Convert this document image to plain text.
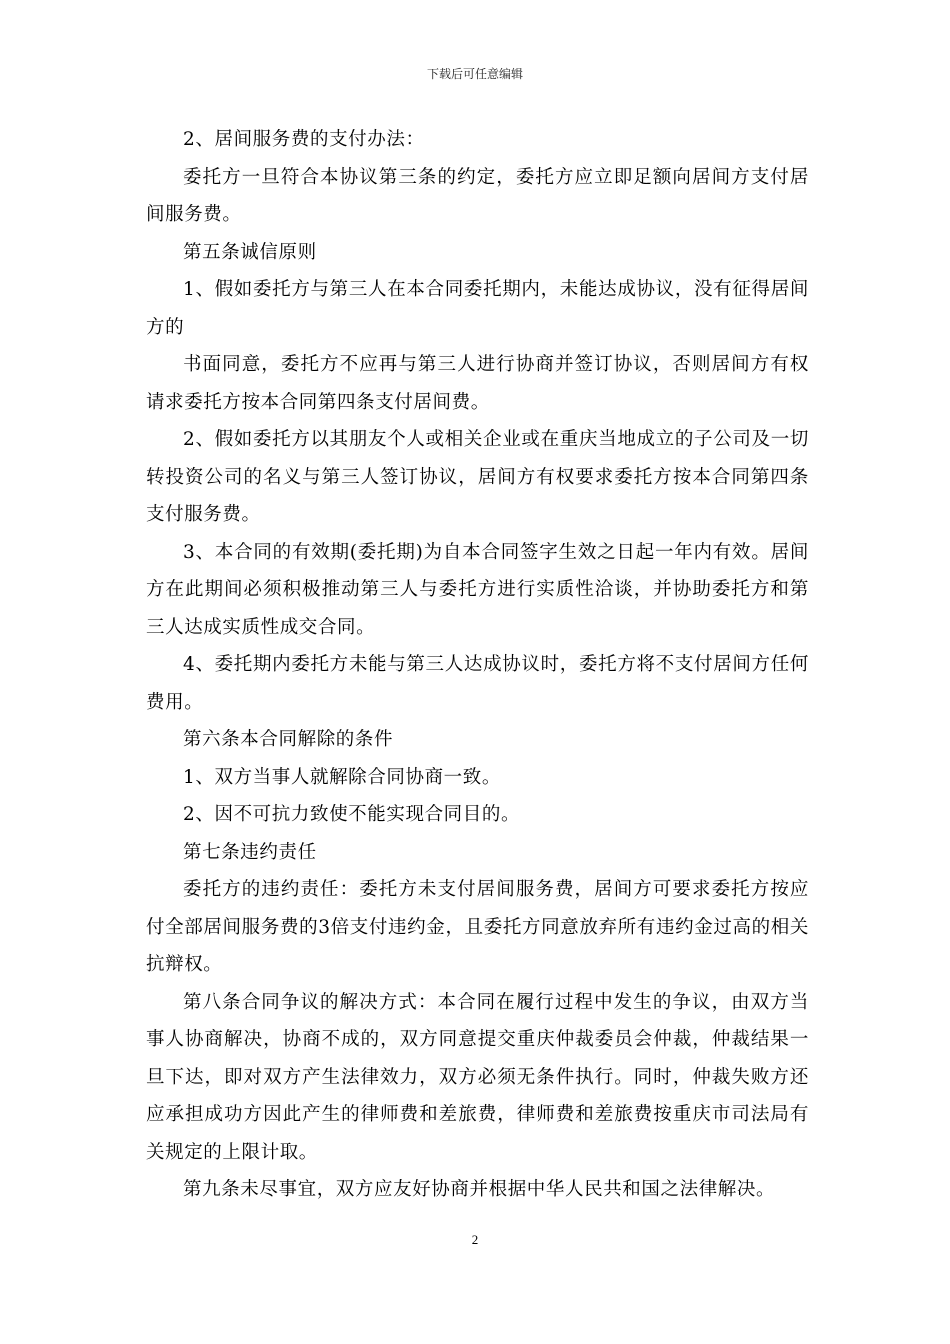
下载后可任意编辑

2、居间服务费的支付办法：

委托方一旦符合本协议第三条的约定，委托方应立即足额向居间方支付居间服务费。

第五条诚信原则

1、假如委托方与第三人在本合同委托期内，未能达成协议，没有征得居间方的

书面同意，委托方不应再与第三人进行协商并签订协议，否则居间方有权请求委托方按本合同第四条支付居间费。

2、假如委托方以其朋友个人或相关企业或在重庆当地成立的子公司及一切转投资公司的名义与第三人签订协议，居间方有权要求委托方按本合同第四条支付服务费。

3、本合同的有效期(委托期)为自本合同签字生效之日起一年内有效。居间方在此期间必须积极推动第三人与委托方进行实质性洽谈，并协助委托方和第三人达成实质性成交合同。

4、委托期内委托方未能与第三人达成协议时，委托方将不支付居间方任何费用。

第六条本合同解除的条件

1、双方当事人就解除合同协商一致。

2、因不可抗力致使不能实现合同目的。

第七条违约责任

委托方的违约责任：委托方未支付居间服务费，居间方可要求委托方按应付全部居间服务费的3倍支付违约金，且委托方同意放弃所有违约金过高的相关抗辩权。

第八条合同争议的解决方式：本合同在履行过程中发生的争议，由双方当事人协商解决，协商不成的，双方同意提交重庆仲裁委员会仲裁，仲裁结果一旦下达，即对双方产生法律效力，双方必须无条件执行。同时，仲裁失败方还应承担成功方因此产生的律师费和差旅费，律师费和差旅费按重庆市司法局有关规定的上限计取。

第九条未尽事宜，双方应友好协商并根据中华人民共和国之法律解决。

2
